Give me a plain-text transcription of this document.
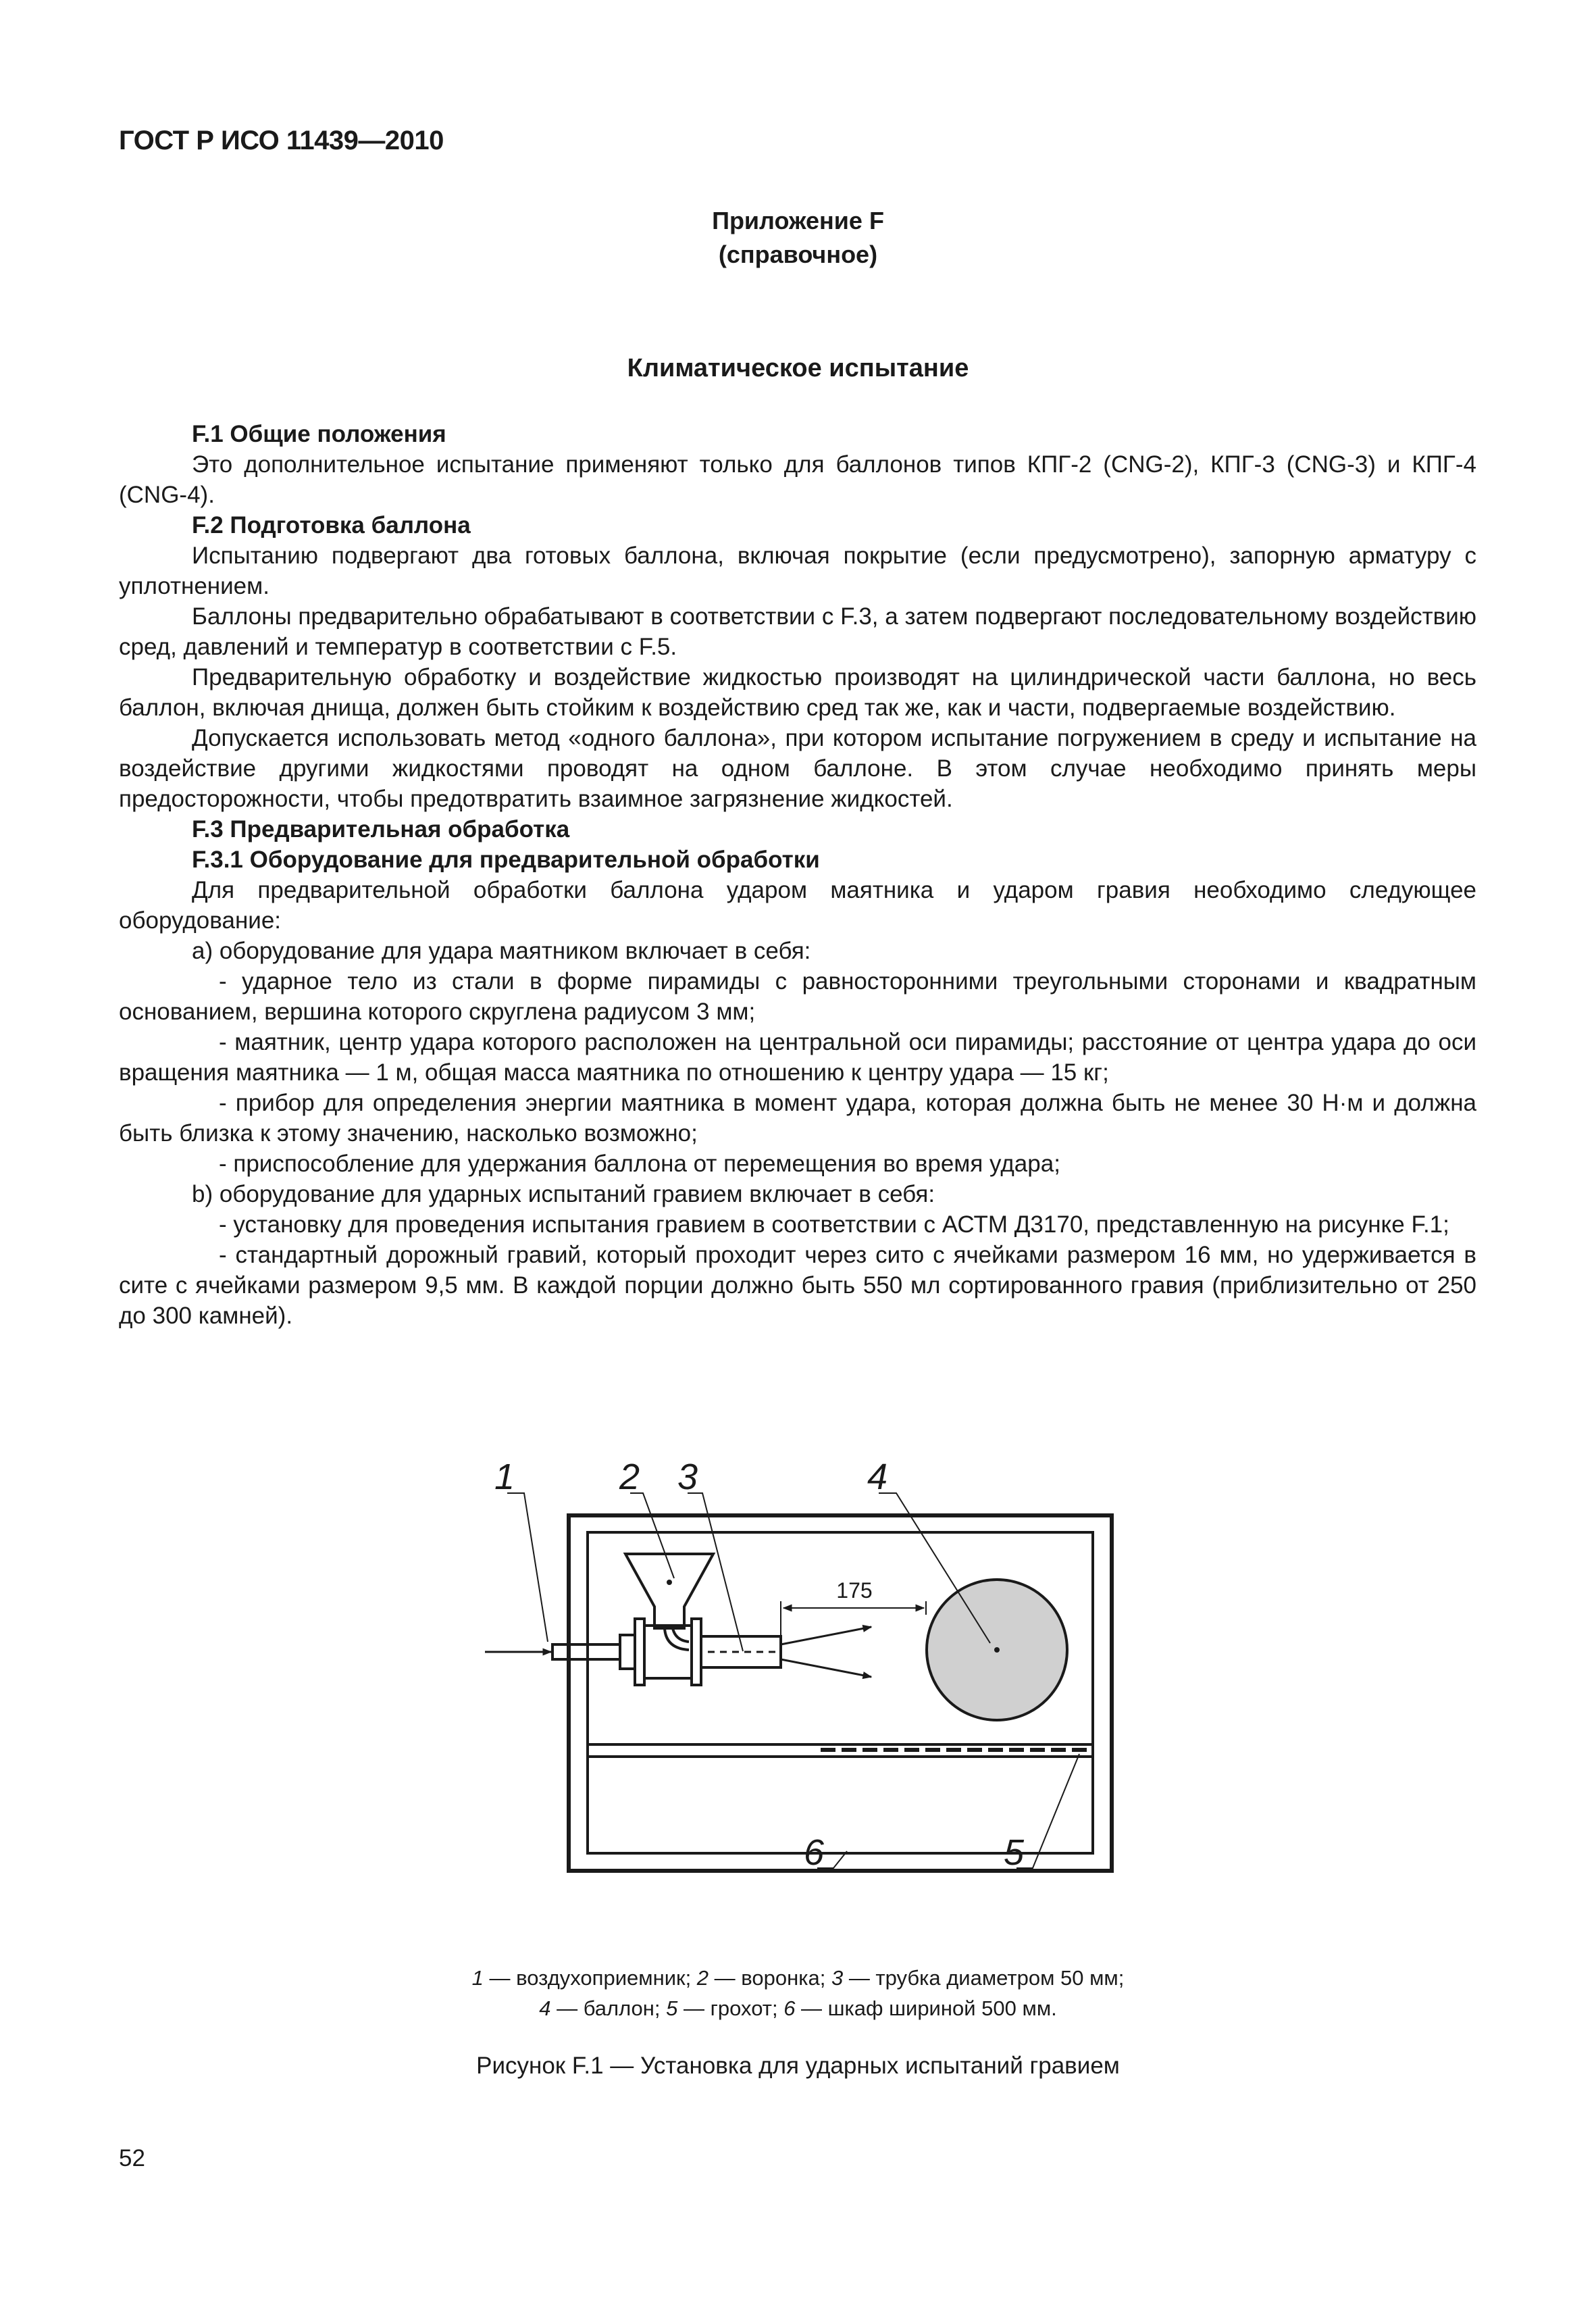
ГОСТ Р ИСО 11439—2010
Приложение F
(справочное)
Климатическое испытание

F.1 Общие положения

Это дополнительное испытание применяют только для баллонов типов КПГ-2 (CNG-2), КПГ-3 (CNG-3) и КПГ-4 (CNG-4).

F.2 Подготовка баллона

Испытанию подвергают два готовых баллона, включая покрытие (если предусмотрено), запорную арматуру с уплотнением.

Баллоны предварительно обрабатывают в соответствии с F.3, а затем подвергают последовательному воздействию сред, давлений и температур в соответствии с F.5.

Предварительную обработку и воздействие жидкостью производят на цилиндрической части баллона, но весь баллон, включая днища, должен быть стойким к воздействию сред так же, как и части, подвергаемые воздействию.

Допускается использовать метод «одного баллона», при котором испытание погружением в среду и испытание на воздействие другими жидкостями проводят на одном баллоне. В этом случае необходимо принять меры предосторожности, чтобы предотвратить взаимное загрязнение жидкостей.

F.3 Предварительная обработка

F.3.1 Оборудование для предварительной обработки

Для предварительной обработки баллона ударом маятника и ударом гравия необходимо следующее оборудование:

a) оборудование для удара маятником включает в себя:

- ударное тело из стали в форме пирамиды с равносторонними треугольными сторонами и квадратным основанием, вершина которого скруглена радиусом 3 мм;

- маятник, центр удара которого расположен на центральной оси пирамиды; расстояние от центра удара до оси вращения маятника — 1 м, общая масса маятника по отношению к центру удара — 15 кг;

- прибор для определения энергии маятника в момент удара, которая должна быть не менее 30 Н·м и должна быть близка к этому значению, насколько возможно;

- приспособление для удержания баллона от перемещения во время удара;

b) оборудование для ударных испытаний гравием включает в себя:

- установку для проведения испытания гравием в соответствии с АСТМ Д3170, представленную на рисунке F.1;

- стандартный дорожный гравий, который проходит через сито с ячейками размером 16 мм, но удерживается в сите с ячейками размером 9,5 мм. В каждой порции должно быть 550 мл сортированного гравия (приблизительно от 250 до 300 камней).

1	2 3	4
5
6
175
1 — воздухоприемник; 2 — воронка; 3 — трубка диаметром 50 мм;
4 — баллон; 5 — грохот; 6 — шкаф шириной 500 мм.
Рисунок F.1 — Установка для ударных испытаний гравием
52
